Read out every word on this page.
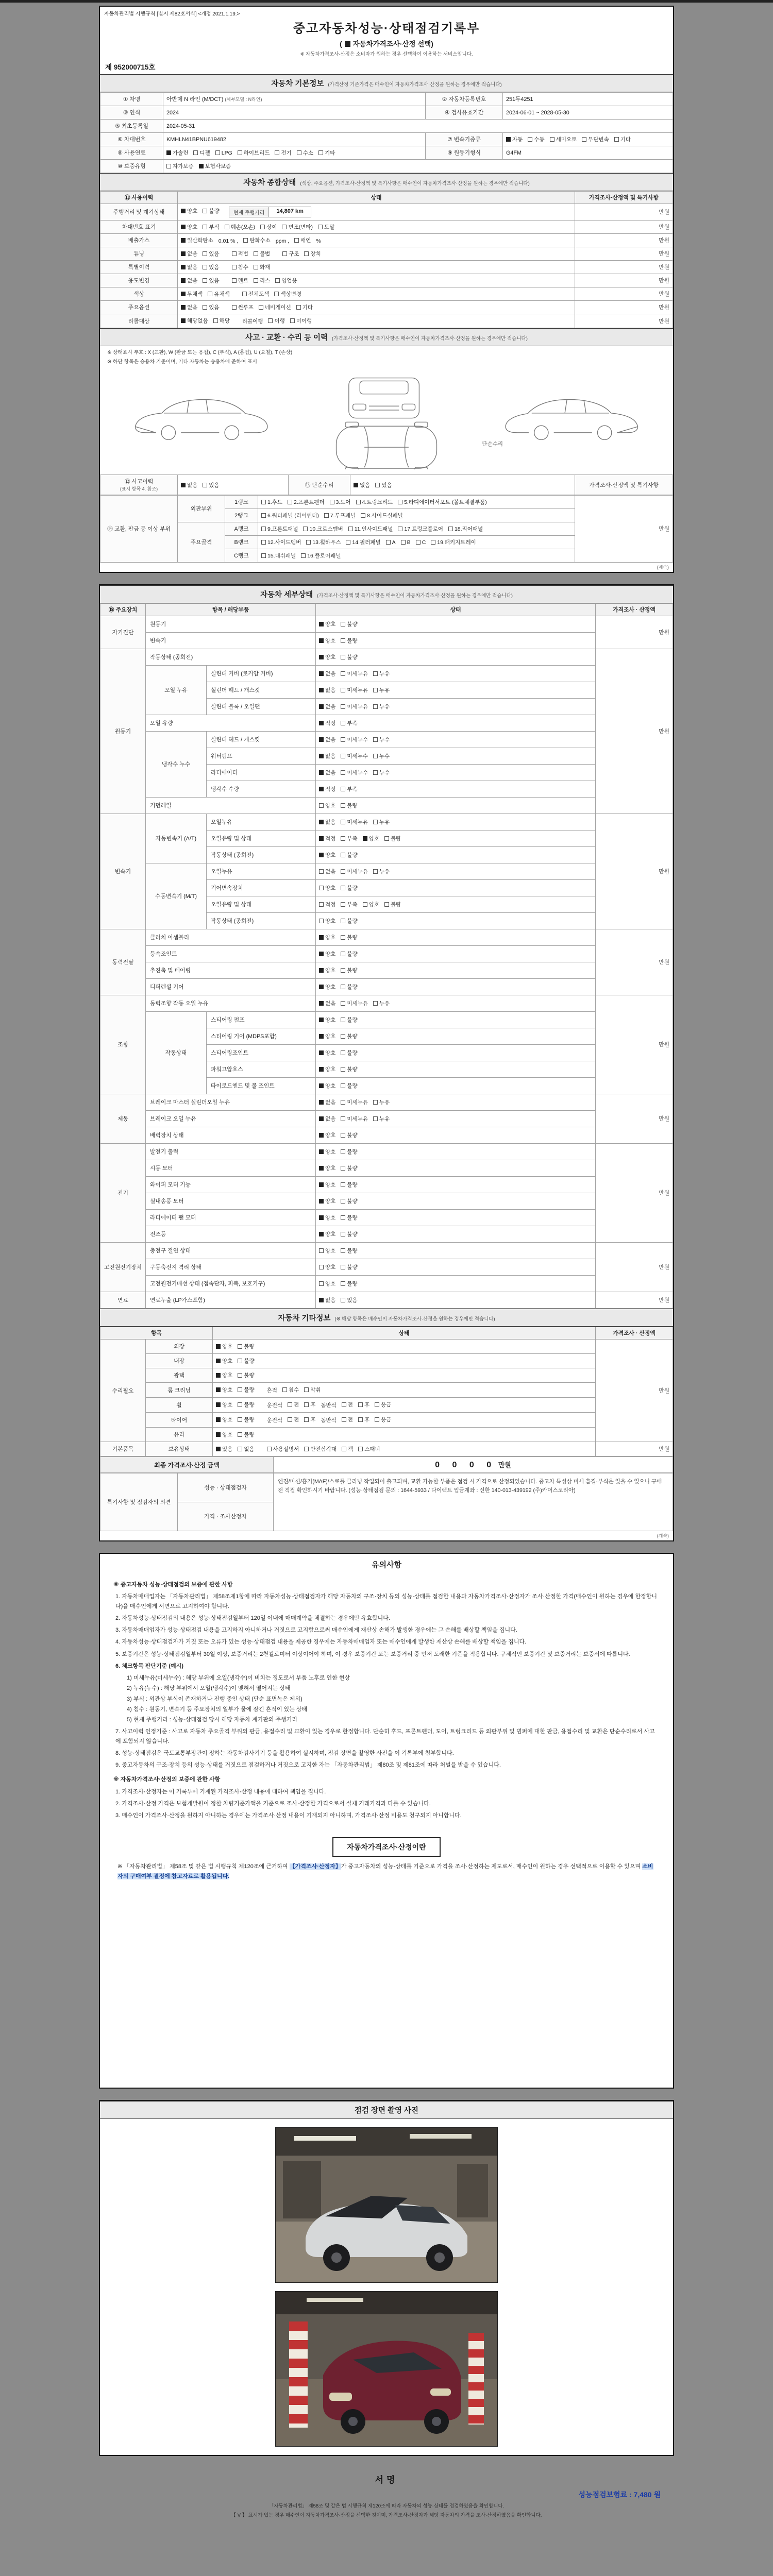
자동차관리법 시행규칙 [별지 제82호서식] <개정 2021.1.19.>
중고자동차성능·상태점검기록부
( 자동차가격조사·산정 선택)
※ 자동차가격조사·산정은 소비자가 원하는 경우 선택하여 이용하는 서비스입니다.
제 952000715호
자동차 기본정보 (가격산정 기준가격은 매수인이 자동차가격조사·산정을 원하는 경우에만 적습니다)
① 차명	아반떼 N 라인 (M/DCT) (세부모델 : N라인)	② 자동차등록번호	251두4251
③ 연식	2024	④ 검사유효기간	2024-06-01 ~ 2028-05-30
⑤ 최초등록일	2024-05-31		
⑥ 차대번호	KMHLN41BPNU619482	⑦ 변속기종류	자동 수동 세미오토 무단변속 기타

⑧ 사용연료	가솔린 디젤 LPG 하이브리드 전기 수소 기타	⑨ 원동기형식	G4FM
⑩ 보증유형	자가보증 보험사보증		
자동차 종합상태 (색상, 주요옵션, 가격조사·산정액 및 특기사항은 매수인이 자동차가격조사·산정을 원하는 경우에만 적습니다)
⑪ 사용이력	상태	가격조사·산정액 및 특기사항
주행거리 및 계기상태	양호 불량 현재 주행거리 14,807 km	만원
차대번호 표기	양호 부식 훼손(오손) 상이 변조(변타) 도말	만원
배출가스	일산화탄소 0.01 % , 탄화수소 ppm , 매연 %	만원
튜닝	없음 있음	적법 불법	구조 장치	만원
특별이력	없음 있음 침수 화재	만원
용도변경	없음 있음 렌트 리스 영업용	만원
색상	무채색 유채색 전체도색 색상변경	만원
주요옵션	없음 있음 썬루프 네비게이션 기타	만원
리콜대상	해당없음 해당 리콜이행 이행 미이행	만원
사고 · 교환 · 수리 등 이력 (가격조사·산정액 및 특기사항은 매수인이 자동차가격조사·산정을 원하는 경우에만 적습니다)
※ 상태표시 부호 : X (교환), W (판금 또는 용접), C (부식), A (흠집), U (요철), T (손상)
※ 하단 항목은 승용차 기준이며, 기타 자동차는 승용차에 준하여 표시
단순수리
⑫ 사고이력
(표시 항목 4. 참조)	
없음 있음	⑬ 단순수리	없음 있음	가격조사·산정액 및 특기사항
⑭ 교환, 판금 등 이상 부위	외판부위	1랭크	1.후드 2.프론트펜더 3.도어 4.트렁크리드 5.라디에이터서포트 (볼트체결부품)	만원
		2랭크	6.쿼터패널 (리어펜더) 7.루프패널 8.사이드실패널	

	주요골격	A랭크	9.프론트패널 10.크로스멤버 11.인사이드패널 17.트렁크플로어 18.리어패널	

B랭크	12.사이드멤버 13.휠하우스 14.필러패널 A B C 19.패키지트레이

		C랭크	15.대쉬패널 16.플로어패널	
(계속)
자동차 세부상태 (가격조사·산정액 및 특기사항은 매수인이 자동차가격조사·산정을 원하는 경우에만 적습니다)
⑮ 주요장치	항목 / 해당부품		상태	가격조사 · 산정액
자기진단	원동기		양호 불량	만원
	변속기		양호 불량	

원동기	작동상태 (공회전)		양호 불량	만원
	오일 누유	실린더 커버 (로커암 커버)	없음 미세누유 누유	

		실린더 헤드 / 개스킷	없음 미세누유 누유	

		실린더 블록 / 오일팬	없음 미세누유 누유	

	오일 유량		적정 부족	

	냉각수 누수	실린더 헤드 / 개스킷	없음 미세누수 누수	

		워터펌프	없음 미세누수 누수	

		라디에이터	없음 미세누수 누수	

		냉각수 수량	적정 부족	

	커먼레일		양호 불량	

변속기	자동변속기 (A/T)	오일누유	없음 미세누유 누유	만원
		오일유량 및 상태	적정 부족 양호 불량	

		작동상태 (공회전)	양호 불량	

	수동변속기 (M/T)	오일누유	없음 미세누유 누유	

		기어변속장치	양호 불량	

		오일유량 및 상태	적정 부족 양호 불량	

		작동상태 (공회전)	양호 불량	

동력전달	클러치 어셈블리		양호 불량	만원
	등속조인트		양호 불량	

	추진축 및 베어링		양호 불량	

	디퍼렌셜 기어		양호 불량	

조향	동력조향 작동 오일 누유		없음 미세누유 누유	만원
	작동상태	스티어링 펌프	양호 불량	

		스티어링 기어 (MDPS포함)	양호 불량	

		스티어링조인트	양호 불량	

		파워고압호스	양호 불량	

		타이로드엔드 및 볼 조인트	양호 불량	

제동	브레이크 마스터 실린더오일 누유		없음 미세누유 누유	만원
	브레이크 오일 누유		없음 미세누유 누유	

	배력장치 상태		양호 불량	

전기	발전기 출력		양호 불량	만원
	시동 모터		양호 불량	

	와이퍼 모터 기능		양호 불량	

	실내송풍 모터		양호 불량	

	라디에이터 팬 모터		양호 불량	

	전조등		양호 불량	

고전원전기장치	충전구 절연 상태		양호 불량	만원
	구동축전지 격리 상태		양호 불량	

	고전원전기배선 상태 (접속단자, 피복, 보호기구)		양호 불량	

연료	연료누출 (LP가스포함)		없음 있음	만원
자동차 기타정보 (※ 해당 항목은 매수인이 자동차가격조사·산정을 원하는 경우에만 적습니다)
항목		상태	가격조사 · 산정액
수리필요	외장	양호 불량	만원
	내장	양호 불량	

	광택	양호 불량	

	룸 크리닝	양호 불량 흔적 침수 악취	

휠	양호 불량 운전석 전 후 동반석 전 후 응급

타이어	양호 불량 운전석 전 후 동반석 전 후 응급

	유리	양호 불량	

기본품목	보유상태	있음 없음	사용설명서 안전삼각대 잭 스패너	만원
최종 가격조사·산정 금액	0 0 0 0 만원
특기사항 및 점검자의 의견	성능 · 상태점검자	엔진/미션/흡기(MAF)/스로틀 클리닝 작업되어 출고되며, 교환 가능한 부품은 점검 시 가격으로 산정되었습니다. 중고차 특성상 미세 흠집·부식은 있을 수 있으니 구매 전 직접 확인하시기 바랍니다. (성능·상태점검 문의 : 1644-5933 / 다이렉트 입금계좌 : 신한 140-013-439192 (주)카머스코리아)
가격 · 조사산정자
(계속)
유의사항
※ 중고자동차 성능·상태점검의 보증에 관한 사항
1. 자동차매매업자는 「자동차관리법」 제58조제1항에 따라 자동차성능·상태점검자가 해당 자동차의 구조·장치 등의 성능·상태를 점검한 내용과 자동차가격조사·산정자가 조사·산정한 가격(매수인이 원하는 경우에 한정합니다)을 매수인에게 서면으로 고지하여야 합니다.
2. 자동차성능·상태점검의 내용은 성능·상태점검일부터 120일 이내에 매매계약을 체결하는 경우에만 유효합니다.
3. 자동차매매업자가 성능·상태점검 내용을 고지하지 아니하거나 거짓으로 고지함으로써 매수인에게 재산상 손해가 발생한 경우에는 그 손해를 배상할 책임을 집니다.
4. 자동차성능·상태점검자가 거짓 또는 오류가 있는 성능·상태점검 내용을 제공한 경우에는 자동차매매업자 또는 매수인에게 발생한 재산상 손해를 배상할 책임을 집니다.
5. 보증기간은 성능·상태점검일부터 30일 이상, 보증거리는 2천킬로미터 이상이어야 하며, 이 경우 보증기간 또는 보증거리 중 먼저 도래한 기준을 적용합니다. 구체적인 보증기간 및 보증거리는 보증서에 따릅니다.
6. 체크항목 판단기준 (예시)
1) 미세누유(미세누수) : 해당 부위에 오일(냉각수)이 비치는 정도로서 부품 노후로 인한 현상
2) 누유(누수) : 해당 부위에서 오일(냉각수)이 맺혀서 떨어지는 상태
3) 부식 : 외관상 부식이 존재하거나 진행 중인 상태 (단순 표면녹은 제외)
4) 침수 : 원동기, 변속기 등 주요장치의 일부가 물에 잠긴 흔적이 있는 상태
5) 현재 주행거리 : 성능·상태점검 당시 해당 자동차 계기판의 주행거리
7. 사고이력 인정기준 : 사고로 자동차 주요골격 부위의 판금, 용접수리 및 교환이 있는 경우로 한정합니다. 단순히 후드, 프론트펜더, 도어, 트렁크리드 등 외판부위 및 범퍼에 대한 판금, 용접수리 및 교환은 단순수리로서 사고에 포함되지 않습니다.
8. 성능·상태점검은 국토교통부장관이 정하는 자동차검사기기 등을 활용하여 실시하며, 점검 장면을 촬영한 사진을 이 기록부에 첨부합니다.
9. 중고자동차의 구조·장치 등의 성능·상태를 거짓으로 점검하거나 거짓으로 고지한 자는 「자동차관리법」 제80조 및 제81조에 따라 처벌을 받을 수 있습니다.
※ 자동차가격조사·산정의 보증에 관한 사항
1. 가격조사·산정자는 이 기록부에 기재된 가격조사·산정 내용에 대하여 책임을 집니다.
2. 가격조사·산정 가격은 보험개발원이 정한 차량기준가액을 기준으로 조사·산정한 가격으로서 실제 거래가격과 다를 수 있습니다.
3. 매수인이 가격조사·산정을 원하지 아니하는 경우에는 가격조사·산정 내용이 기재되지 아니하며, 가격조사·산정 비용도 청구되지 아니합니다.
자동차가격조사·산정이란
※ 「자동차관리법」 제58조 및 같은 법 시행규칙 제120조에 근거하여 【가격조사·산정자】가 중고자동차의 성능·상태를 기준으로 가격을 조사·산정하는 제도로서, 매수인이 원하는 경우 선택적으로 이용할 수 있으며 소비자의 구매여부 결정에 참고자료로 활용됩니다.
점검 장면 촬영 사진
서명
성능점검보험료 : 7,480 원
「자동차관리법」 제58조 및 같은 법 시행규칙 제120조에 따라 자동차의 성능·상태를 점검하였음을 확인합니다.
【 V 】 표시가 있는 경우 매수인이 자동차가격조사·산정을 선택한 것이며, 가격조사·산정자가 해당 자동차의 가격을 조사·산정하였음을 확인합니다.
